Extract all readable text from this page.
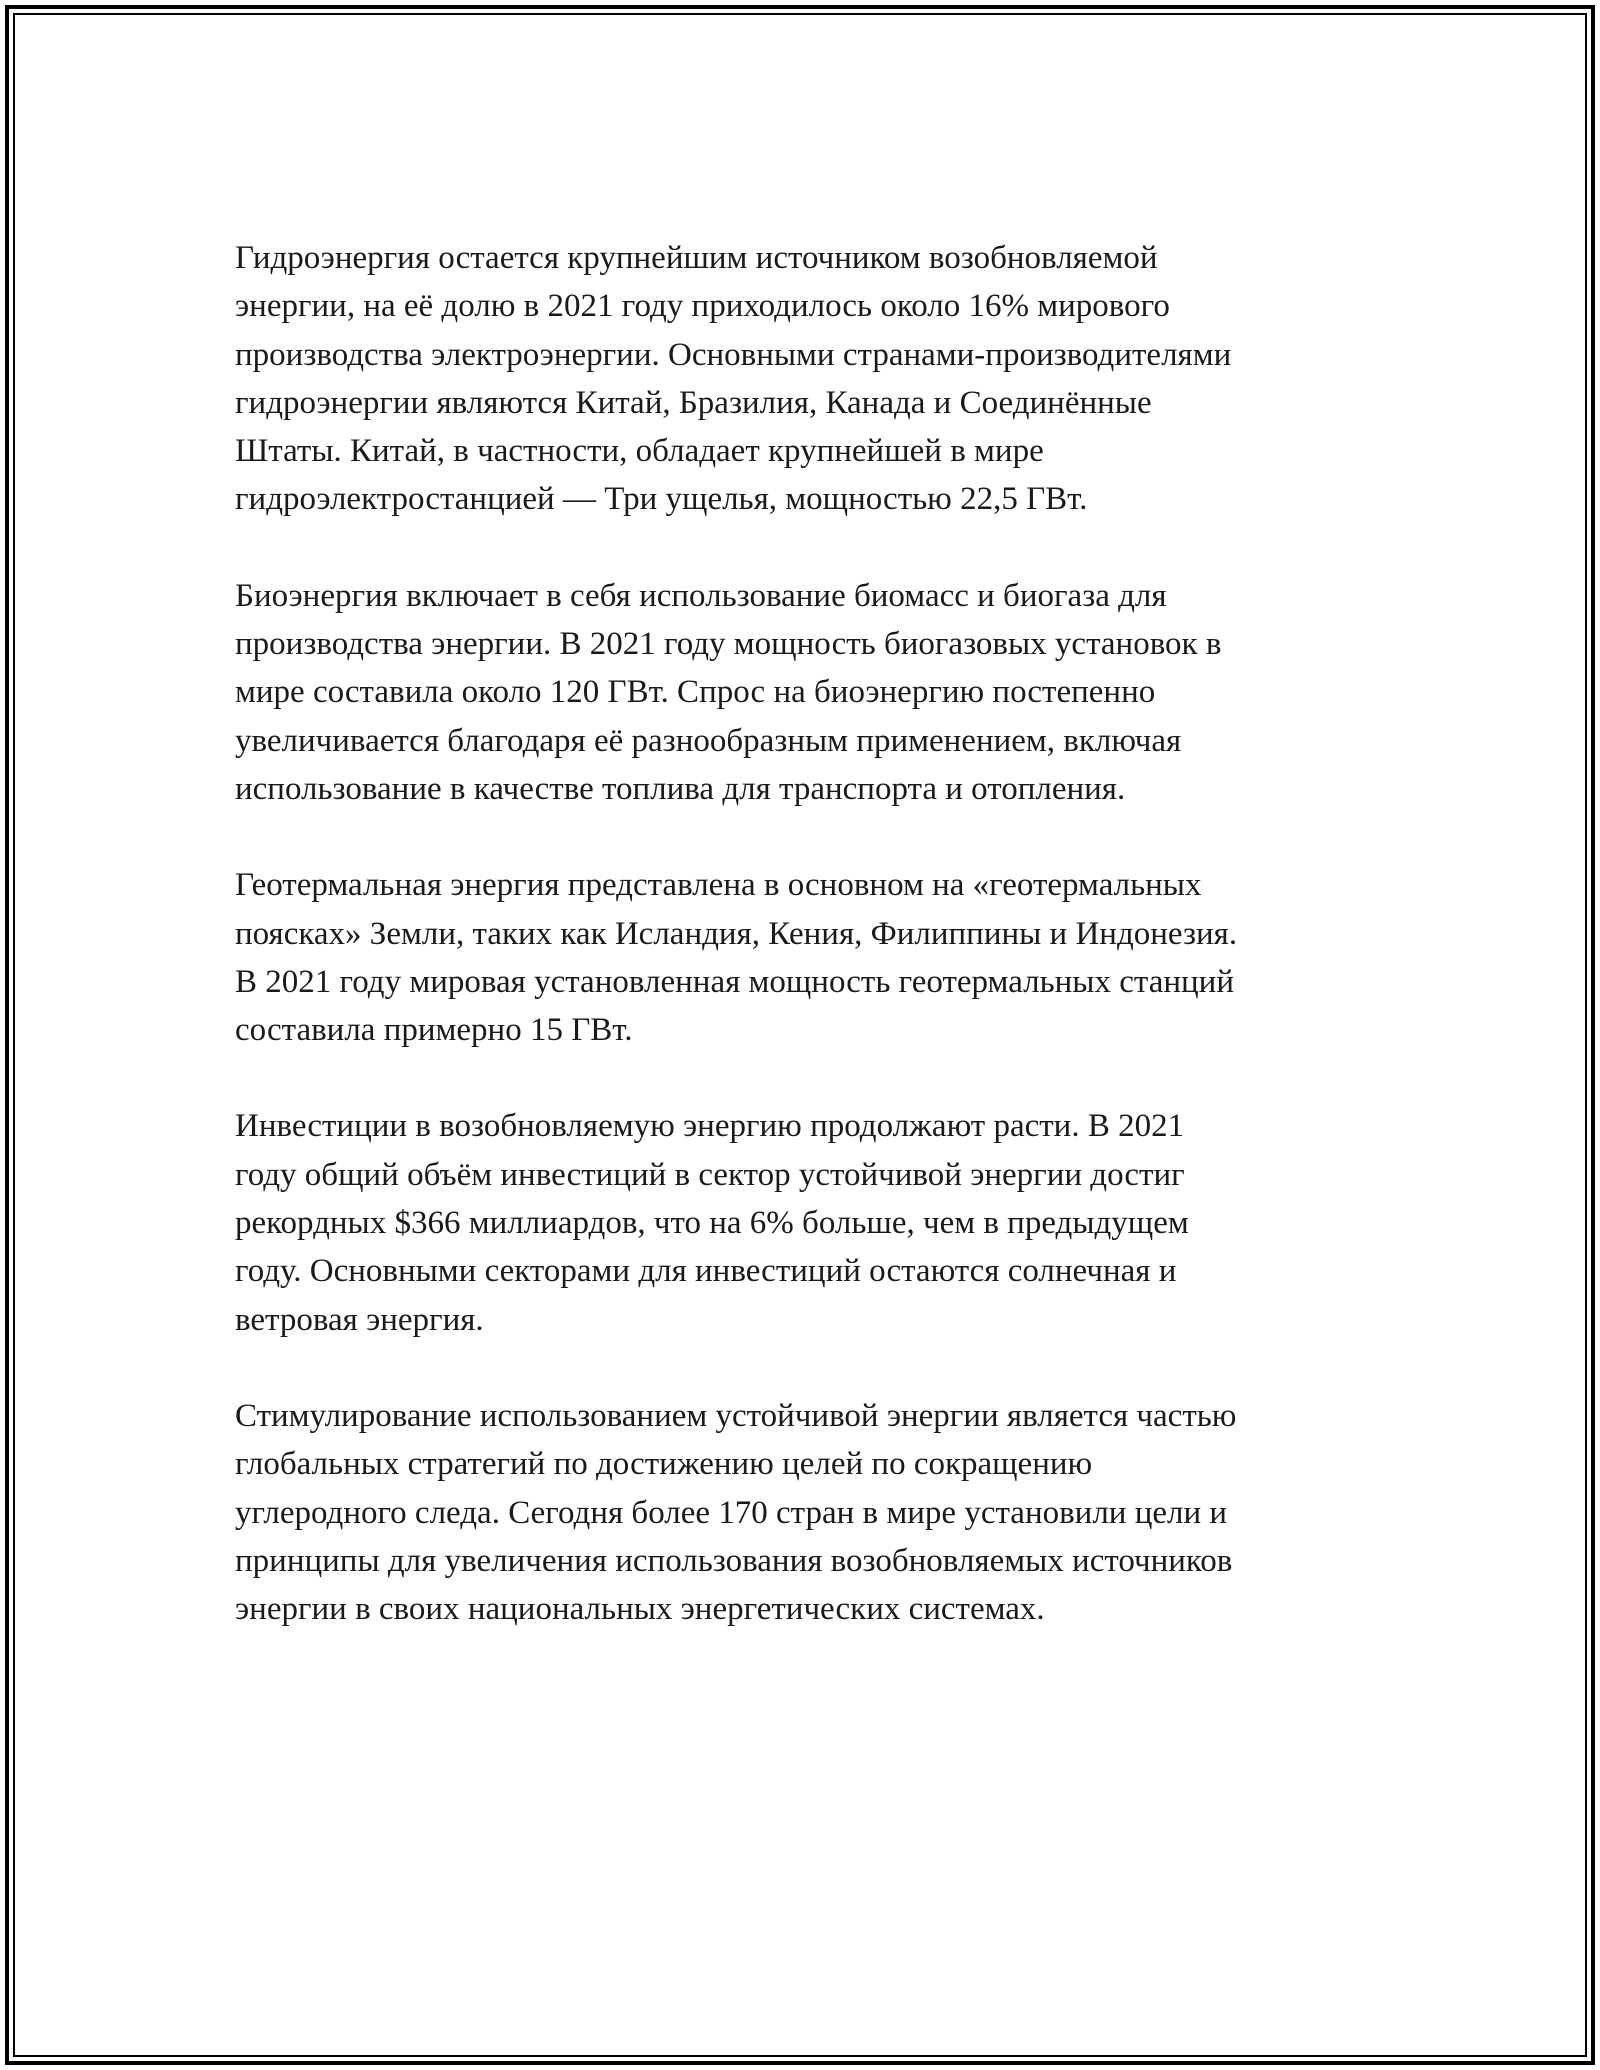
Гидроэнергия остается крупнейшим источником возобновляемой
энергии, на её долю в 2021 году приходилось около 16% мирового
производства электроэнергии. Основными странами-производителями
гидроэнергии являются Китай, Бразилия, Канада и Соединённые
Штаты. Китай, в частности, обладает крупнейшей в мире
гидроэлектростанцией — Три ущелья, мощностью 22,5 ГВт.

Биоэнергия включает в себя использование биомасс и биогаза для
производства энергии. В 2021 году мощность биогазовых установок в
мире составила около 120 ГВт. Спрос на биоэнергию постепенно
увеличивается благодаря её разнообразным применением, включая
использование в качестве топлива для транспорта и отопления.

Геотермальная энергия представлена в основном на «геотермальных
поясках» Земли, таких как Исландия, Кения, Филиппины и Индонезия.
В 2021 году мировая установленная мощность геотермальных станций
составила примерно 15 ГВт.

Инвестиции в возобновляемую энергию продолжают расти. В 2021
году общий объём инвестиций в сектор устойчивой энергии достиг
рекордных $366 миллиардов, что на 6% больше, чем в предыдущем
году. Основными секторами для инвестиций остаются солнечная и
ветровая энергия.

Стимулирование использованием устойчивой энергии является частью
глобальных стратегий по достижению целей по сокращению
углеродного следа. Сегодня более 170 стран в мире установили цели и
принципы для увеличения использования возобновляемых источников
энергии в своих национальных энергетических системах.
